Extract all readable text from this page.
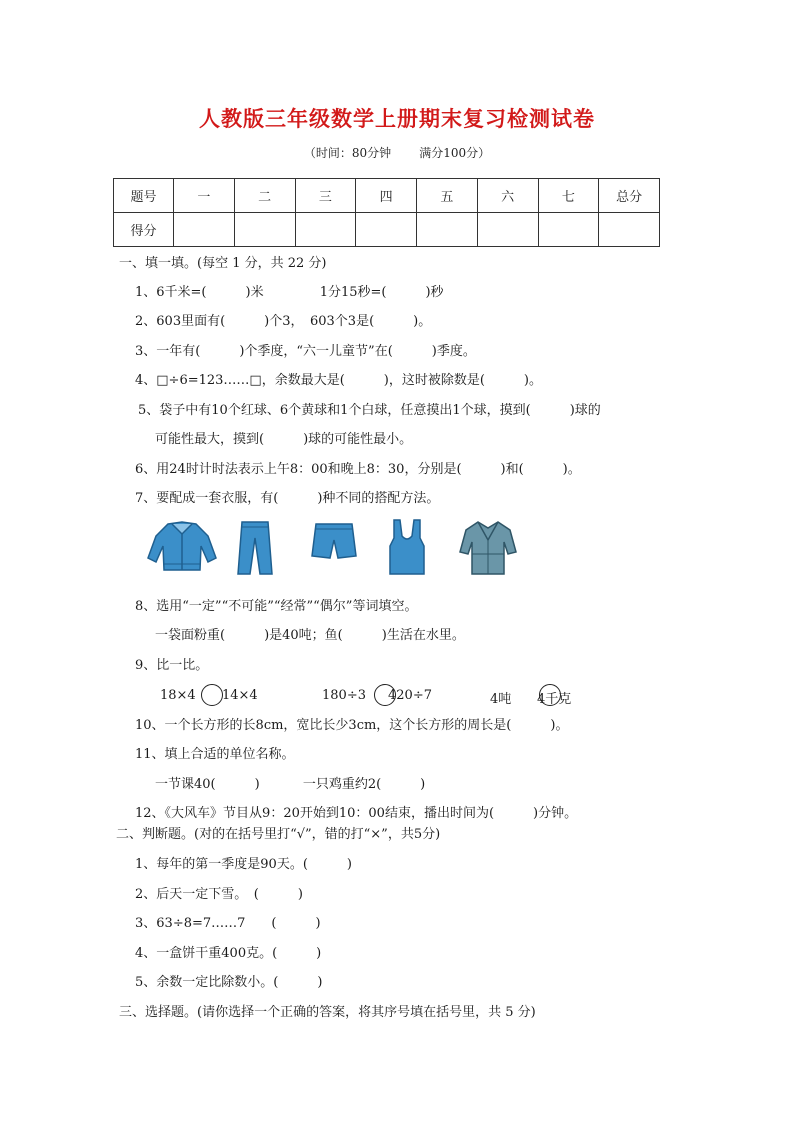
人教版三年级数学上册期末复习检测试卷
（时间：80分钟 满分100分）
题号	一	二	三	四	五	六	七	总分
得分								
一、填一填。(每空 1 分，共 22 分)
1、6千米=(　　　)米　　　　 1分15秒=(　　　)秒
2、603里面有(　　　)个3，　603个3是(　　　)。
3、一年有(　　　)个季度，“六一儿童节”在(　　　)季度。
4、□÷6=123……□，余数最大是(　　　)，这时被除数是(　　　)。
5、袋子中有10个红球、6个黄球和1个白球，任意摸出1个球，摸到(　　　)球的
可能性最大，摸到(　　　)球的可能性最小。
6、用24时计时法表示上午8：00和晚上8：30，分别是(　　　)和(　　　)。
7、要配成一套衣服，有(　　　)种不同的搭配方法。
8、选用“一定”“不可能”“经常”“偶尔”等词填空。
一袋面粉重(　　　)是40吨；鱼(　　　)生活在水里。
9、比一比。
18×4 14×4	180÷3 420÷7	4吨 4千克
10、一个长方形的长8cm，宽比长少3cm，这个长方形的周长是(　　　)。
11、填上合适的单位名称。
一节课40(　　　)　　　 一只鸡重约2(　　　)
12、《大风车》节目从9：20开始到10：00结束，播出时间为(　　　)分钟。
二、判断题。(对的在括号里打“√”，错的打“×”，共5分)
1、每年的第一季度是90天。(　　　)
2、后天一定下雪。　(　　　)
3、63÷8=7……7　　(　　　)
4、一盒饼干重400克。(　　　)
5、余数一定比除数小。(　　　)
三、选择题。(请你选择一个正确的答案，将其序号填在括号里，共 5 分)
